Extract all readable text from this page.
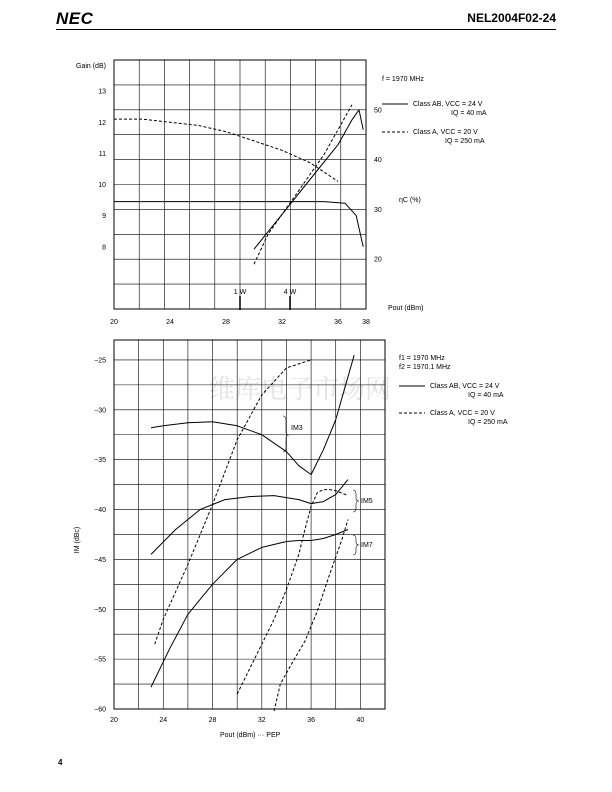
NEC	NEL2004F02-24
维库电子市场网
20	24	28	32	36	38
8
9
10
11
12
13
20
30
40
50
Gain (dB)
ηC (%)
Pout (dBm)
f = 1970 MHz
Class AB, VCC = 24 V
IQ = 40 mA
Class A, VCC = 20 V
IQ = 250 mA
1 W	4 W
20	24	28	32	36	40
−25
−30
−35
−40
−45
−50
−55
−60
IM (dBc)
Pout (dBm) ··· PEP
f1 = 1970 MHz
f2 = 1970.1 MHz
Class AB, VCC = 24 V
IQ = 40 mA
Class A, VCC = 20 V
IQ = 250 mA
IM3
IM5
IM7
4
